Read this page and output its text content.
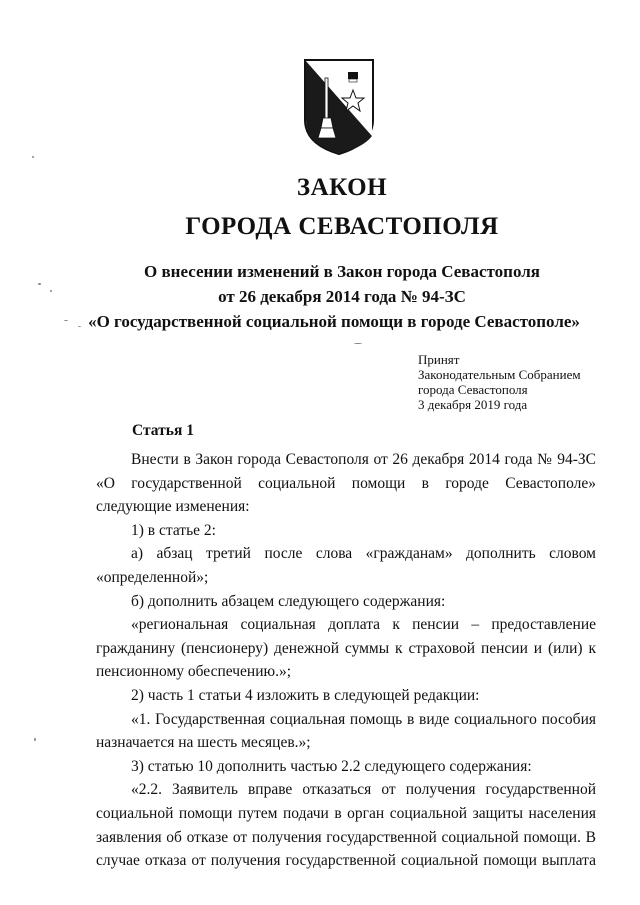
ЗАКОН
ГОРОДА СЕВАСТОПОЛЯ
О внесении изменений в Закон города Севастополя
от 26 декабря 2014 года № 94-ЗС
«О государственной социальной помощи в городе Севастополе»
Принят
Законодательным Собранием
города Севастополя
3 декабря 2019 года
Статья 1

Внести в Закон города Севастополя от 26 декабря 2014 года № 94-ЗС «О государственной социальной помощи в городе Севастополе» следующие изменения:

1) в статье 2:

а) абзац третий после слова «гражданам» дополнить словом «определенной»;

б) дополнить абзацем следующего содержания:

«региональная социальная доплата к пенсии – предоставление гражданину (пенсионеру) денежной суммы к страховой пенсии и (или) к пенсионному обеспечению.»;

2) часть 1 статьи 4 изложить в следующей редакции:

«1. Государственная социальная помощь в виде социального пособия назначается на шесть месяцев.»;

3) статью 10 дополнить частью 2.2 следующего содержания:

«2.2. Заявитель вправе отказаться от получения государственной социальной помощи путем подачи в орган социальной защиты населения заявления об отказе от получения государственной социальной помощи. В случае отказа от получения государственной социальной помощи выплата
